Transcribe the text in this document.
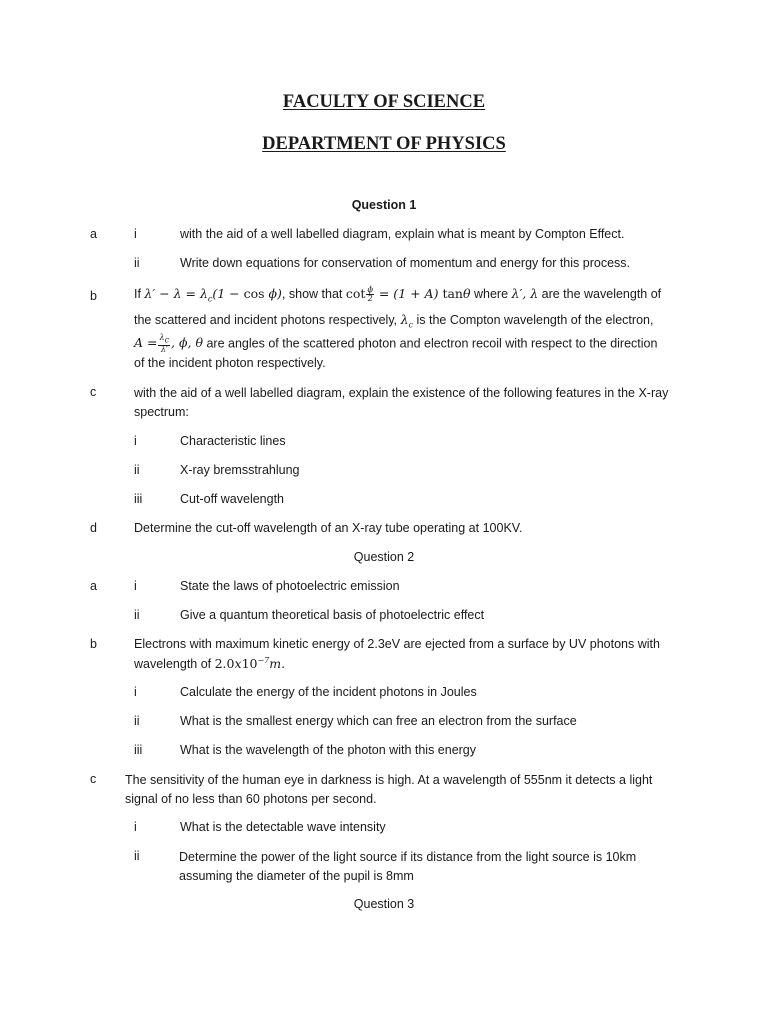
FACULTY OF SCIENCE
DEPARTMENT OF PHYSICS
Question 1
a	i	with the aid of a well labelled diagram, explain what is meant by Compton Effect.
ii	Write down equations for conservation of momentum and energy for this process.
b	If $\lambda' - \lambda = \lambda_c(1 - \cos \phi)$, show that $\cot \frac{\phi}{2} = (1 + A)$ tanθ where λ′, λ are the wavelength of
the scattered and incident photons respectively, $\lambda_c$ is the Compton wavelength of the electron,
$A = \frac{\lambda_c}{\lambda'}$ , ϕ, θ are angles of the scattered photon and electron recoil with respect to the direction
of the incident photon respectively.
c	with the aid of a well labelled diagram, explain the existence of the following features in the X-ray spectrum:
i	Characteristic lines
ii	X-ray bremsstrahlung
iii	Cut-off wavelength
d	Determine the cut-off wavelength of an X-ray tube operating at 100KV.
Question 2
a	i	State the laws of photoelectric emission
ii	Give a quantum theoretical basis of photoelectric effect
b	Electrons with maximum kinetic energy of 2.3eV are ejected from a surface by UV photons with
wavelength of $2.0x10^{-7}m$.
i	Calculate the energy of the incident photons in Joules
ii	What is the smallest energy which can free an electron from the surface
iii	What is the wavelength of the photon with this energy
c The sensitivity of the human eye in darkness is high. At a wavelength of 555nm it detects a light signal of no less than 60 photons per second.
i	What is the detectable wave intensity
ii	Determine the power of the light source if its distance from the light source is 10km assuming the diameter of the pupil is 8mm
Question 3
